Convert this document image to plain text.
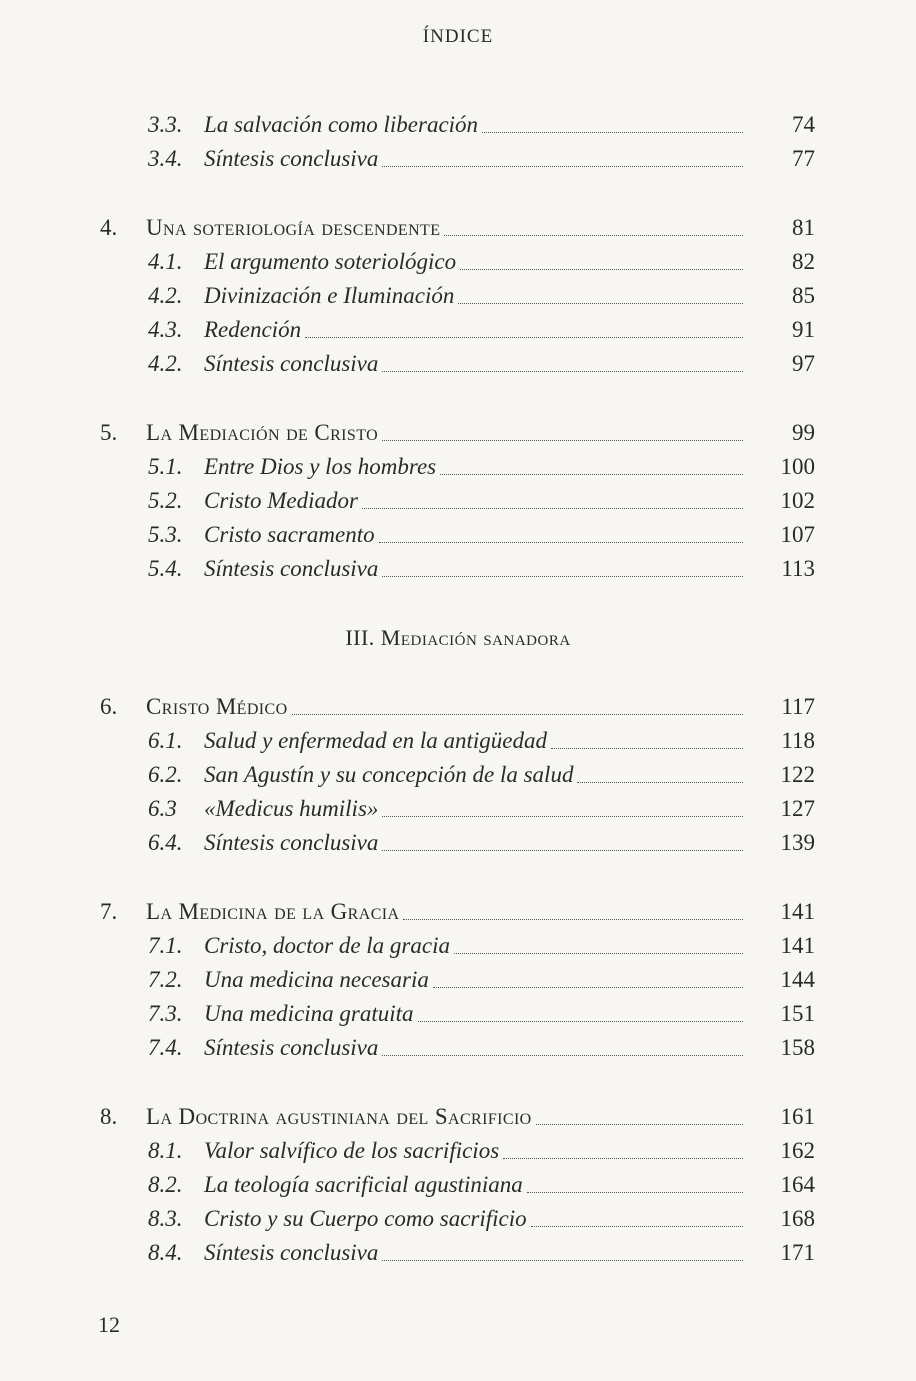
ÍNDICE
3.3. La salvación como liberación	74
3.4. Síntesis conclusiva	77
4.	Una soteriología descendente	81
4.1. El argumento soteriológico	82
4.2. Divinización e Iluminación	85
4.3. Redención	91
4.2. Síntesis conclusiva	97
5.	La Mediación de Cristo	99
5.1. Entre Dios y los hombres	100
5.2. Cristo Mediador	102
5.3. Cristo sacramento	107
5.4. Síntesis conclusiva	113
III. Mediación sanadora
6.	Cristo Médico	117
6.1. Salud y enfermedad en la antigüedad	118
6.2. San Agustín y su concepción de la salud	122
6.3	«Medicus humilis»	127
6.4. Síntesis conclusiva	139
7.	La Medicina de la Gracia	141
7.1. Cristo, doctor de la gracia	141
7.2. Una medicina necesaria	144
7.3. Una medicina gratuita	151
7.4. Síntesis conclusiva	158
8.	La Doctrina agustiniana del Sacrificio	161
8.1. Valor salvífico de los sacrificios	162
8.2. La teología sacrificial agustiniana	164
8.3. Cristo y su Cuerpo como sacrificio	168
8.4. Síntesis conclusiva	171
12
